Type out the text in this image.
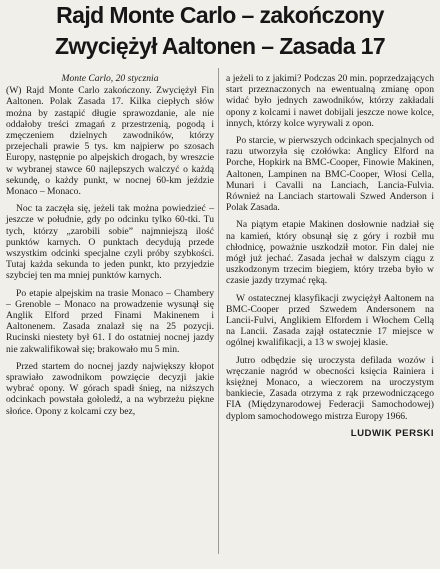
Rajd Monte Carlo – zakończony
Zwyciężył Aaltonen – Zasada 17

Monte Carlo, 20 stycznia

(W) Rajd Monte Carlo zakończony. Zwyciężył Fin Aaltonen. Polak Zasada 17. Kilka ciepłych słów można by zastąpić długie sprawozdanie, ale nie oddałoby treści zmagań z przestrzenią, pogodą i zmęczeniem dzielnych zawodników, którzy przejechali prawie 5 tys. km najpierw po szosach Europy, następnie po alpejskich drogach, by wreszcie w wybranej stawce 60 najlepszych walczyć o każdą sekundę, o każdy punkt, w nocnej 60-km jeździe Monaco – Monaco.

Noc ta zaczęła się, jeżeli tak można powiedzieć – jeszcze w południe, gdy po odcinku tylko 60-tki. Tu tych, którzy „zarobili sobie” najmniejszą ilość punktów karnych. O punktach decydują przede wszystkim odcinki specjalne czyli próby szybkości. Tutaj każda sekunda to jeden punkt, kto przyjedzie szybciej ten ma mniej punktów karnych.

Po etapie alpejskim na trasie Monaco – Chambery – Grenoble – Monaco na prowadzenie wysunął się Anglik Elford przed Finami Makinenem i Aaltonenem. Zasada znalazł się na 25 pozycji. Rucinski niestety był 61. I do ostatniej nocnej jazdy nie zakwalifikował się; brakowało mu 5 min.

Przed startem do nocnej jazdy największy kłopot sprawiało zawodnikom powzięcie decyzji jakie wybrać opony. W górach spadł śnieg, na niższych odcinkach powstała gołoledź, a na wybrzeżu piękne słońce. Opony z kolcami czy bez,

a jeżeli to z jakimi? Podczas 20 min. poprzedzających start przeznaczonych na ewentualną zmianę opon widać było jednych zawodników, którzy zakładali opony z kolcami i nawet dobijali jeszcze nowe kolce, innych, którzy kolce wyrywali z opon.

Po starcie, w pierwszych odcinkach specjalnych od razu utworzyła się czołówka: Anglicy Elford na Porche, Hopkirk na BMC-Cooper, Finowie Makinen, Aaltonen, Lampinen na BMC-Cooper, Włosi Cella, Munari i Cavalli na Lanciach, Lancia-Fulvia. Również na Lanciach startowali Szwed Anderson i Polak Zasada.

Na piątym etapie Makinen dosłownie nadział się na kamień, który obsunął się z góry i rozbił mu chłodnicę, poważnie uszkodził motor. Fin dalej nie mógł już jechać. Zasada jechał w dalszym ciągu z uszkodzonym trzecim biegiem, który trzeba było w czasie jazdy trzymać ręką.

W ostatecznej klasyfikacji zwyciężył Aaltonem na BMC-Cooper przed Szwedem Andersonem na Lancii-Fulvi, Anglikiem Elfordem i Włochem Cellą na Lancii. Zasada zajął ostatecznie 17 miejsce w ogólnej kwalifikacji, a 13 w swojej klasie.

Jutro odbędzie się uroczysta defilada wozów i wręczanie nagród w obecności księcia Rainiera i księżnej Monaco, a wieczorem na uroczystym bankiecie, Zasada otrzyma z rąk przewodniczącego FIA (Międzynarodowej Federacji Samochodowej) dyplom samochodowego mistrza Europy 1966.

LUDWIK PERSKI
